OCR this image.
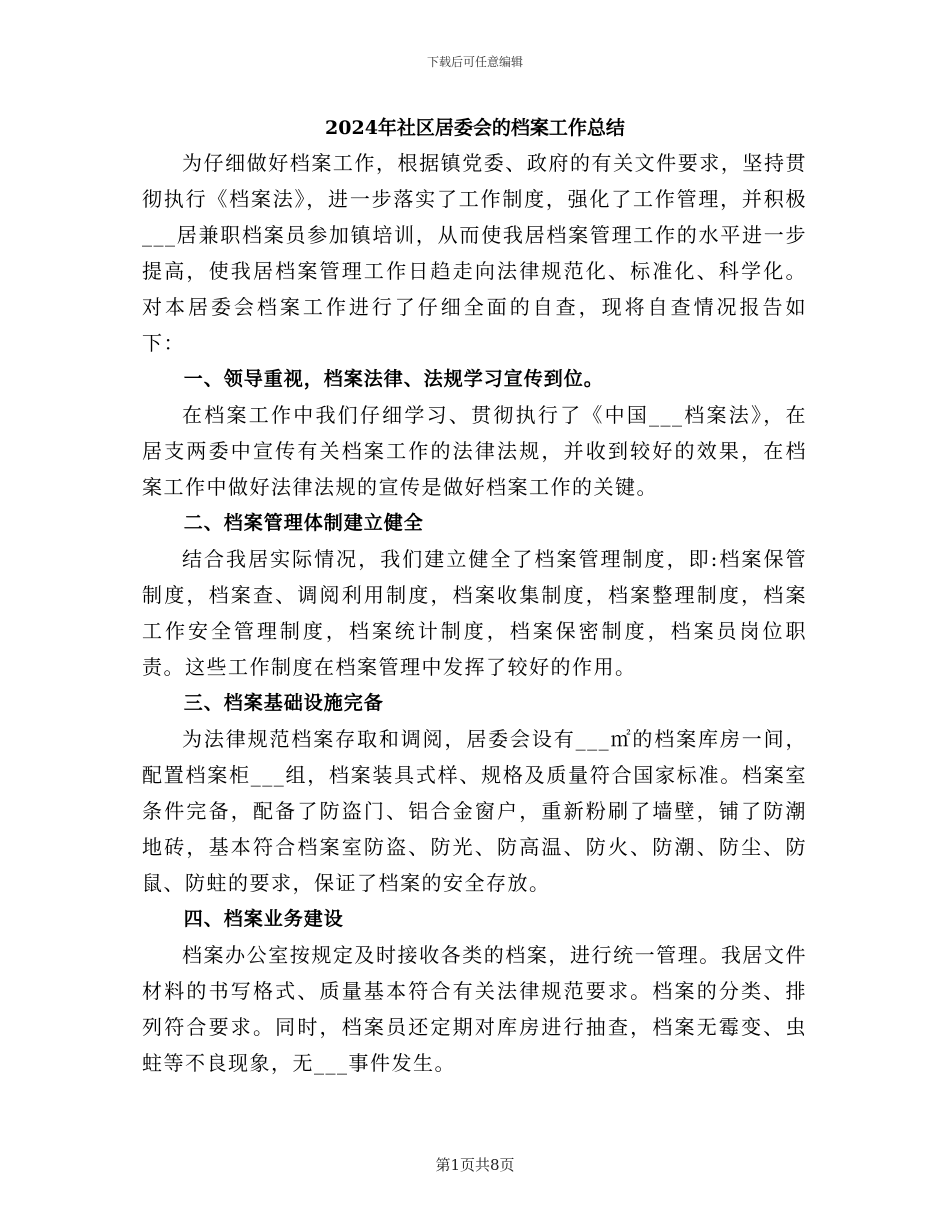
下载后可任意编辑
2024年社区居委会的档案工作总结

为仔细做好档案工作，根据镇党委、政府的有关文件要求，坚持贯彻执行《档案法》，进一步落实了工作制度，强化了工作管理，并积极___居兼职档案员参加镇培训，从而使我居档案管理工作的水平进一步提高，使我居档案管理工作日趋走向法律规范化、标准化、科学化。对本居委会档案工作进行了仔细全面的自查，现将自查情况报告如下：

一、领导重视，档案法律、法规学习宣传到位。

在档案工作中我们仔细学习、贯彻执行了《中国___档案法》，在居支两委中宣传有关档案工作的法律法规，并收到较好的效果，在档案工作中做好法律法规的宣传是做好档案工作的关键。

二、档案管理体制建立健全

结合我居实际情况，我们建立健全了档案管理制度，即:档案保管制度，档案查、调阅利用制度，档案收集制度，档案整理制度，档案工作安全管理制度，档案统计制度，档案保密制度，档案员岗位职责。这些工作制度在档案管理中发挥了较好的作用。

三、档案基础设施完备

为法律规范档案存取和调阅，居委会设有___㎡的档案库房一间，配置档案柜___组，档案装具式样、规格及质量符合国家标准。档案室条件完备，配备了防盗门、铝合金窗户，重新粉刷了墙壁，铺了防潮地砖，基本符合档案室防盗、防光、防高温、防火、防潮、防尘、防鼠、防蛀的要求，保证了档案的安全存放。

四、档案业务建设

档案办公室按规定及时接收各类的档案，进行统一管理。我居文件材料的书写格式、质量基本符合有关法律规范要求。档案的分类、排列符合要求。同时，档案员还定期对库房进行抽查，档案无霉变、虫蛀等不良现象，无___事件发生。

第1页共8页
